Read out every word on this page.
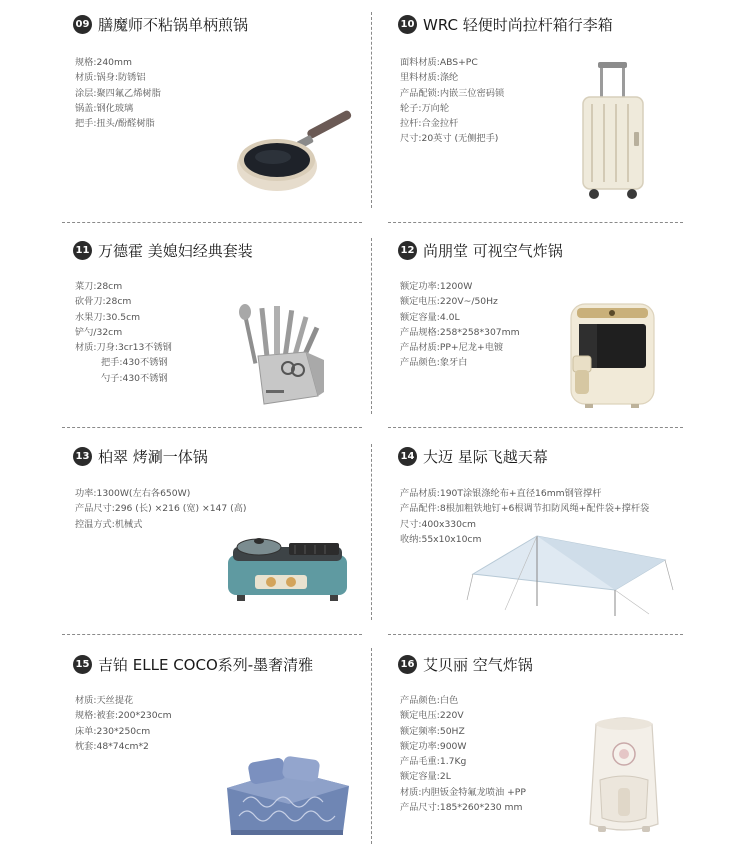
09 膳魔师不粘锅单柄煎锅
规格:240mm
材质:锅身:防锈铝
涂层:聚四氟乙烯树脂
锅盖:钢化玻璃
把手:扭头/酚醛树脂
10 WRC 轻便时尚拉杆箱行李箱
面料材质:ABS+PC
里料材质:涤纶
产品配锁:内嵌三位密码锁
轮子:万向轮
拉杆:合金拉杆
尺寸:20英寸 (无侧把手)
11 万德霍 美媳妇经典套装
菜刀:28cm
砍骨刀:28cm
水果刀:30.5cm
铲勺/32cm
材质:刀身:3cr13不锈钢
把手:430不锈钢
勺子:430不锈钢
12 尚朋堂 可视空气炸锅
额定功率:1200W
额定电压:220V~/50Hz
额定容量:4.0L
产品规格:258*258*307mm
产品材质:PP+尼龙+电镀
产品颜色:象牙白
13 柏翠 烤涮一体锅
功率:1300W(左右各650W)
产品尺寸:296 (长) ×216 (宽) ×147 (高)
控温方式:机械式
14 大迈 星际飞越天幕
产品材质:190T涂银涤纶布+直径16mm钢管撑杆
产品配件:8根加粗铁地钉+6根调节扣防风绳+配件袋+撑杆袋
尺寸:400x330cm
收纳:55x10x10cm
15 吉铂 ELLE COCO系列-墨奢清雅
材质:天丝提花
规格:被套:200*230cm
床单:230*250cm
枕套:48*74cm*2
16 艾贝丽 空气炸锅
产品颜色:白色
额定电压:220V
额定频率:50HZ
额定功率:900W
产品毛重:1.7Kg
额定容量:2L
材质:内胆钣金特氟龙喷油 +PP
产品尺寸:185*260*230 mm
